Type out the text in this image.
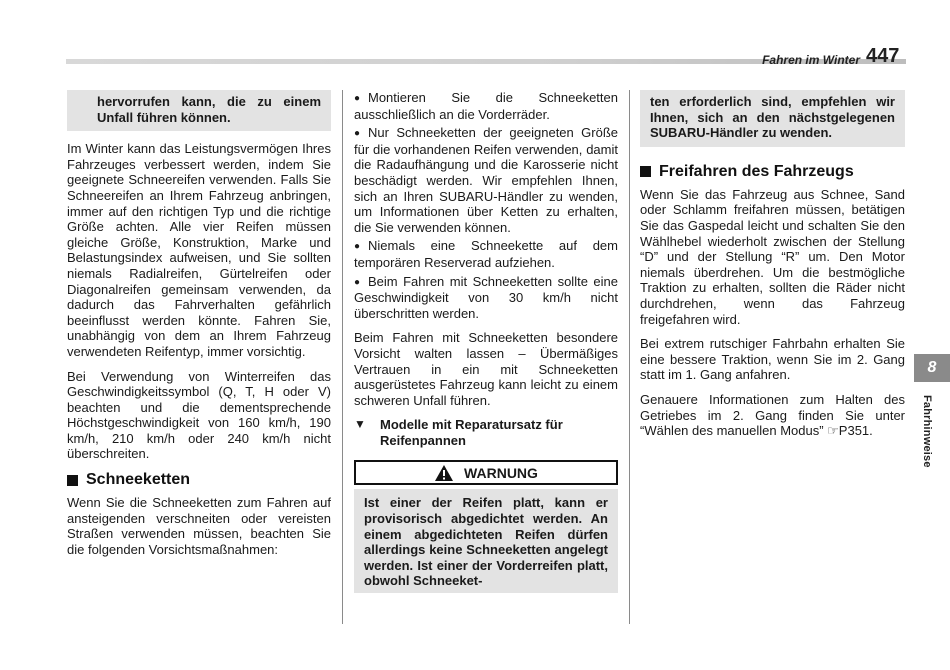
Fahren im Winter 447
hervorrufen kann, die zu einem Unfall führen können.

Im Winter kann das Leistungsvermögen Ihres Fahrzeuges verbessert werden, indem Sie geeignete Schneereifen verwenden. Falls Sie Schneereifen an Ihrem Fahrzeug anbringen, immer auf den richtigen Typ und die richtige Größe achten. Alle vier Reifen müssen gleiche Größe, Konstruktion, Marke und Belastungsindex aufweisen, und Sie sollten niemals Radialreifen, Gürtelreifen oder Diagonalreifen gemeinsam verwenden, da dadurch das Fahrverhalten gefährlich beeinflusst werden könnte. Fahren Sie, unabhängig von dem an Ihrem Fahrzeug verwendeten Reifentyp, immer vorsichtig.

Bei Verwendung von Winterreifen das Geschwindigkeitssymbol (Q, T, H oder V) beachten und die dementsprechende Höchstgeschwindigkeit von 160 km/h, 190 km/h, 210 km/h oder 240 km/h nicht überschreiten.

Schneeketten

Wenn Sie die Schneeketten zum Fahren auf ansteigenden verschneiten oder vereisten Straßen verwenden müssen, beachten Sie die folgenden Vorsichtsmaßnahmen:

● Montieren Sie die Schneeketten ausschließlich an die Vorderräder.
● Nur Schneeketten der geeigneten Größe für die vorhandenen Reifen verwenden, damit die Radaufhängung und die Karosserie nicht beschädigt werden. Wir empfehlen Ihnen, sich an Ihren SUBARU-Händler zu wenden, um Informationen über Ketten zu erhalten, die Sie verwenden können.
● Niemals eine Schneekette auf dem temporären Reserverad aufziehen.
● Beim Fahren mit Schneeketten sollte eine Geschwindigkeit von 30 km/h nicht überschritten werden.

Beim Fahren mit Schneeketten besondere Vorsicht walten lassen – Übermäßiges Vertrauen in ein mit Schneeketten ausgerüstetes Fahrzeug kann leicht zu einem schweren Unfall führen.

▼	Modelle mit Reparatursatz für Reifenpannen
WARNUNG
Ist einer der Reifen platt, kann er provisorisch abgedichtet werden. An einem abgedichteten Reifen dürfen allerdings keine Schneeketten angelegt werden. Ist einer der Vorderreifen platt, obwohl Schneeket-
ten erforderlich sind, empfehlen wir Ihnen, sich an den nächstgelegenen SUBARU-Händler zu wenden.
Freifahren des Fahrzeugs

Wenn Sie das Fahrzeug aus Schnee, Sand oder Schlamm freifahren müssen, betätigen Sie das Gaspedal leicht und schalten Sie den Wählhebel wiederholt zwischen der Stellung “D” und der Stellung “R” um. Den Motor niemals überdrehen. Um die bestmögliche Traktion zu erhalten, sollten die Räder nicht durchdrehen, wenn das Fahrzeug freigefahren wird.

Bei extrem rutschiger Fahrbahn erhalten Sie eine bessere Traktion, wenn Sie im 2. Gang statt im 1. Gang anfahren.

Genauere Informationen zum Halten des Getriebes im 2. Gang finden Sie unter “Wählen des manuellen Modus” ☞P351.

8
Fahrhinweise
